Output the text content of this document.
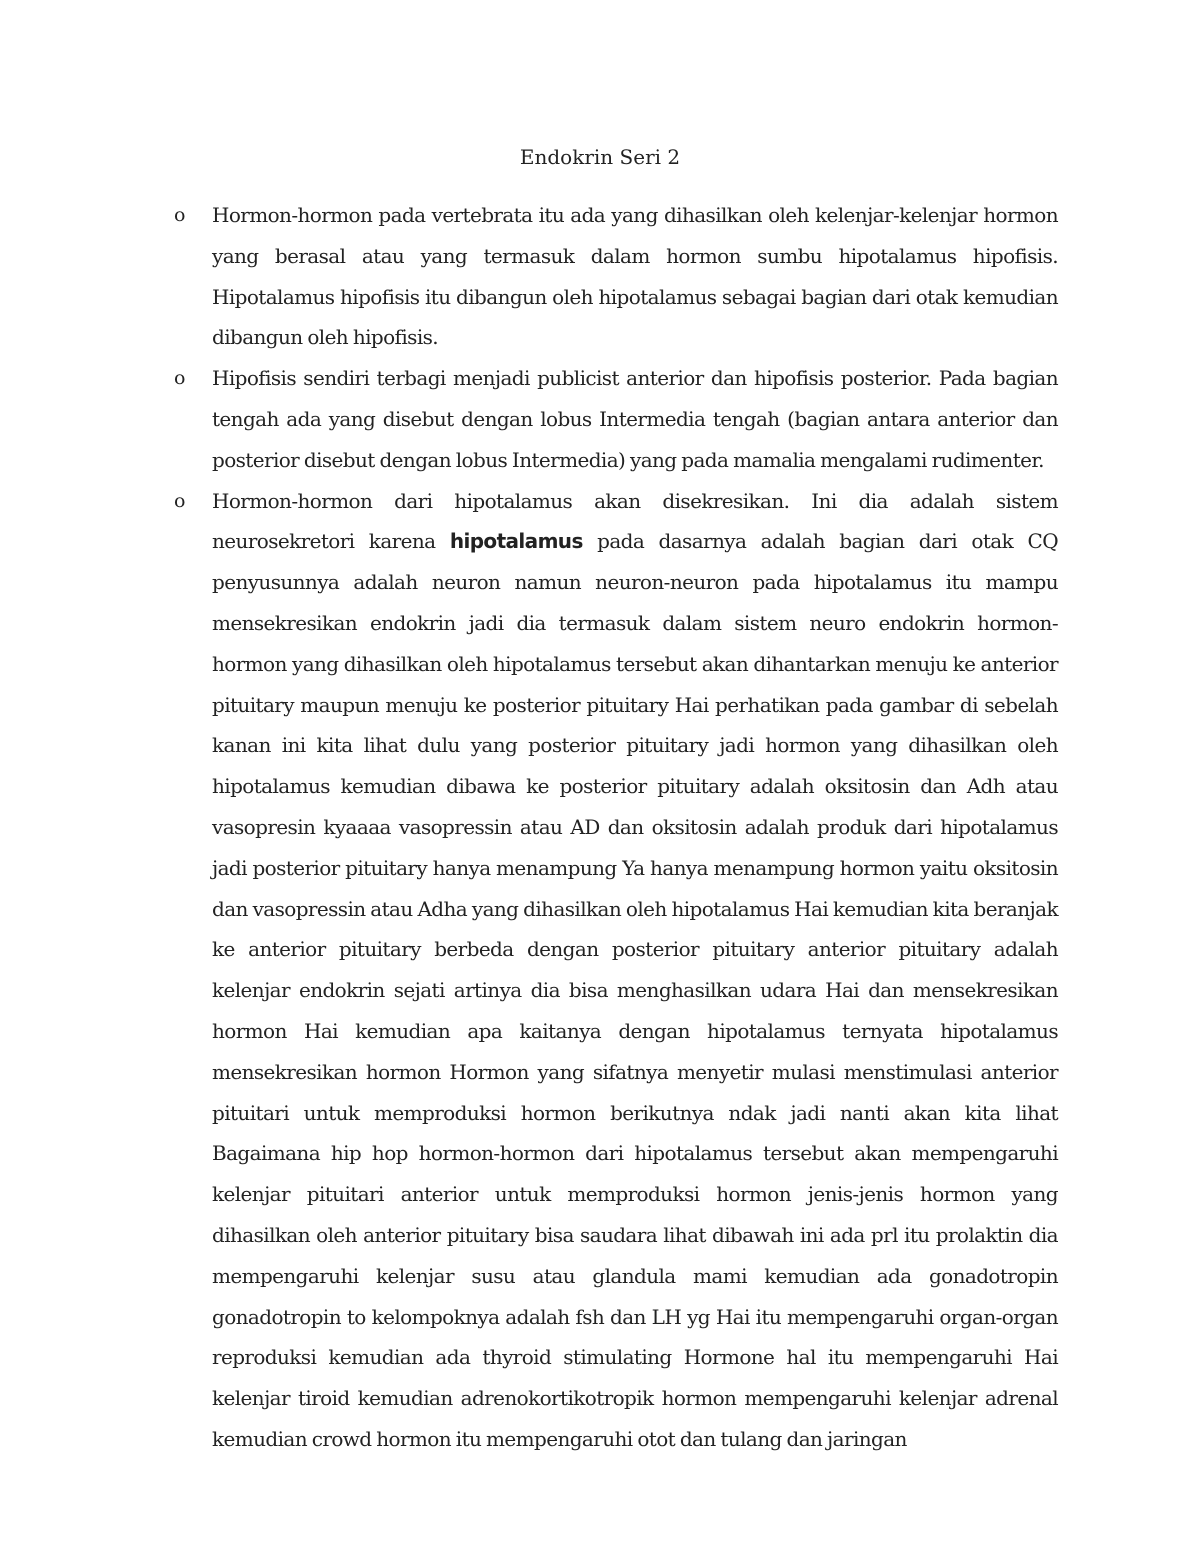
Endokrin Seri 2
o Hormon-hormon pada vertebrata itu ada yang dihasilkan oleh kelenjar-kelenjar hormon yang berasal atau yang termasuk dalam hormon sumbu hipotalamus hipofisis. Hipotalamus hipofisis itu dibangun oleh hipotalamus sebagai bagian dari otak kemudian dibangun oleh hipofisis.
o Hipofisis sendiri terbagi menjadi publicist anterior dan hipofisis posterior. Pada bagian tengah ada yang disebut dengan lobus Intermedia tengah (bagian antara anterior dan posterior disebut dengan lobus Intermedia) yang pada mamalia mengalami rudimenter.
o Hormon-hormon dari hipotalamus akan disekresikan. Ini dia adalah sistem neurosekretori karena hipotalamus pada dasarnya adalah bagian dari otak CQ penyusunnya adalah neuron namun neuron-neuron pada hipotalamus itu mampu mensekresikan endokrin jadi dia termasuk dalam sistem neuro endokrin hormon-hormon yang dihasilkan oleh hipotalamus tersebut akan dihantarkan menuju ke anterior pituitary maupun menuju ke posterior pituitary Hai perhatikan pada gambar di sebelah kanan ini kita lihat dulu yang posterior pituitary jadi hormon yang dihasilkan oleh hipotalamus kemudian dibawa ke posterior pituitary adalah oksitosin dan Adh atau vasopresin kyaaaa vasopressin atau AD dan oksitosin adalah produk dari hipotalamus jadi posterior pituitary hanya menampung Ya hanya menampung hormon yaitu oksitosin dan vasopressin atau Adha yang dihasilkan oleh hipotalamus Hai kemudian kita beranjak ke anterior pituitary berbeda dengan posterior pituitary anterior pituitary adalah kelenjar endokrin sejati artinya dia bisa menghasilkan udara Hai dan mensekresikan hormon Hai kemudian apa kaitanya dengan hipotalamus ternyata hipotalamus mensekresikan hormon Hormon yang sifatnya menyetir mulasi menstimulasi anterior pituitari untuk memproduksi hormon berikutnya ndak jadi nanti akan kita lihat Bagaimana hip hop hormon-hormon dari hipotalamus tersebut akan mempengaruhi kelenjar pituitari anterior untuk memproduksi hormon jenis-jenis hormon yang dihasilkan oleh anterior pituitary bisa saudara lihat dibawah ini ada prl itu prolaktin dia mempengaruhi kelenjar susu atau glandula mami kemudian ada gonadotropin gonadotropin to kelompoknya adalah fsh dan LH yg Hai itu mempengaruhi organ-organ reproduksi kemudian ada thyroid stimulating Hormone hal itu mempengaruhi Hai kelenjar tiroid kemudian adrenokortikotropik hormon mempengaruhi kelenjar adrenal kemudian crowd hormon itu mempengaruhi otot dan tulang dan jaringan
